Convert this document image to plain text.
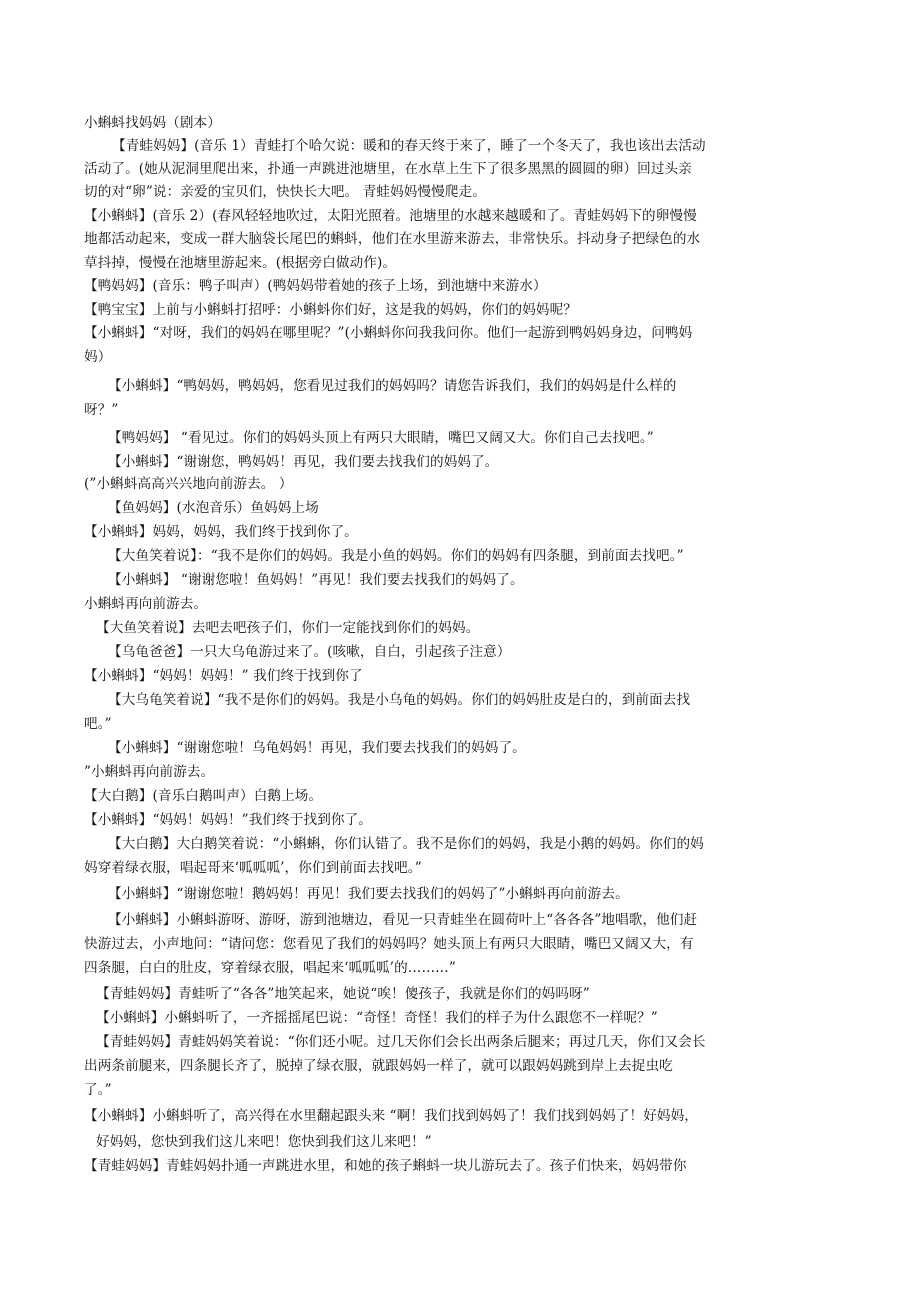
小蝌蚪找妈妈（剧本）
【青蛙妈妈】(音乐 1）青蛙打个哈欠说：暖和的春天终于来了，睡了一个冬天了，我也该出去活动
活动了。(她从泥洞里爬出来，扑通一声跳进池塘里，在水草上生下了很多黑黑的圆圆的卵）回过头亲
切的对“卵”说：亲爱的宝贝们，快快长大吧。 青蛙妈妈慢慢爬走。
【小蝌蚪】(音乐 2）(春风轻轻地吹过，太阳光照着。池塘里的水越来越暖和了。青蛙妈妈下的卵慢慢
地都活动起来，变成一群大脑袋长尾巴的蝌蚪，他们在水里游来游去，非常快乐。抖动身子把绿色的水
草抖掉，慢慢在池塘里游起来。(根据旁白做动作)。
【鸭妈妈】(音乐：鸭子叫声）(鸭妈妈带着她的孩子上场，到池塘中来游水）
【鸭宝宝】上前与小蝌蚪打招呼：小蝌蚪你们好，这是我的妈妈，你们的妈妈呢？
【小蝌蚪】“对呀，我们的妈妈在哪里呢？”(小蝌蚪你问我我问你。他们一起游到鸭妈妈身边，问鸭妈
妈）
【小蝌蚪】“鸭妈妈，鸭妈妈，您看见过我们的妈妈吗？请您告诉我们，我们的妈妈是什么样的
呀？”
【鸭妈妈】 “看见过。你们的妈妈头顶上有两只大眼睛，嘴巴又阔又大。你们自己去找吧。”
【小蝌蚪】“谢谢您，鸭妈妈！再见，我们要去找我们的妈妈了。
(”小蝌蚪高高兴兴地向前游去。 ）
【鱼妈妈】(水泡音乐）鱼妈妈上场
【小蝌蚪】妈妈，妈妈，我们终于找到你了。
【大鱼笑着说】：“我不是你们的妈妈。我是小鱼的妈妈。你们的妈妈有四条腿，到前面去找吧。”
【小蝌蚪】 “谢谢您啦！鱼妈妈！”再见！我们要去找我们的妈妈了。
小蝌蚪再向前游去。
【大鱼笑着说】去吧去吧孩子们，你们一定能找到你们的妈妈。
【乌龟爸爸】一只大乌龟游过来了。(咳嗽，自白，引起孩子注意）
【小蝌蚪】“妈妈！妈妈！” 我们终于找到你了
【大乌龟笑着说】“我不是你们的妈妈。我是小乌龟的妈妈。你们的妈妈肚皮是白的，到前面去找
吧。”
【小蝌蚪】“谢谢您啦！乌龟妈妈！再见，我们要去找我们的妈妈了。
”小蝌蚪再向前游去。
【大白鹅】(音乐白鹅叫声）白鹅上场。
【小蝌蚪】“妈妈！妈妈！”我们终于找到你了。
【大白鹅】大白鹅笑着说：“小蝌蝌，你们认错了。我不是你们的妈妈，我是小鹅的妈妈。你们的妈
妈穿着绿衣服，唱起哥来‘呱呱呱’，你们到前面去找吧。”
【小蝌蚪】“谢谢您啦！鹅妈妈！再见！我们要去找我们的妈妈了”小蝌蚪再向前游去。
【小蝌蚪】小蝌蚪游呀、游呀，游到池塘边，看见一只青蛙坐在圆荷叶上“各各各”地唱歌，他们赶
快游过去，小声地问：“请问您：您看见了我们的妈妈吗？她头顶上有两只大眼睛，嘴巴又阔又大，有
四条腿，白白的肚皮，穿着绿衣服，唱起来‘呱呱呱’的………”
【青蛙妈妈】青蛙听了“各各”地笑起来，她说“唉！傻孩子，我就是你们的妈吗呀”
【小蝌蚪】小蝌蚪听了，一齐摇摇尾巴说：“奇怪！奇怪！我们的样子为什么跟您不一样呢？”
【青蛙妈妈】青蛙妈妈笑着说：“你们还小呢。过几天你们会长出两条后腿来；再过几天，你们又会长
出两条前腿来，四条腿长齐了，脱掉了绿衣服，就跟妈妈一样了，就可以跟妈妈跳到岸上去捉虫吃
了。”
【小蝌蚪】小蝌蚪听了，高兴得在水里翻起跟头来 “啊！我们找到妈妈了！我们找到妈妈了！好妈妈，
好妈妈，您快到我们这儿来吧！您快到我们这儿来吧！”
【青蛙妈妈】青蛙妈妈扑通一声跳进水里，和她的孩子蝌蚪一块儿游玩去了。孩子们快来，妈妈带你
